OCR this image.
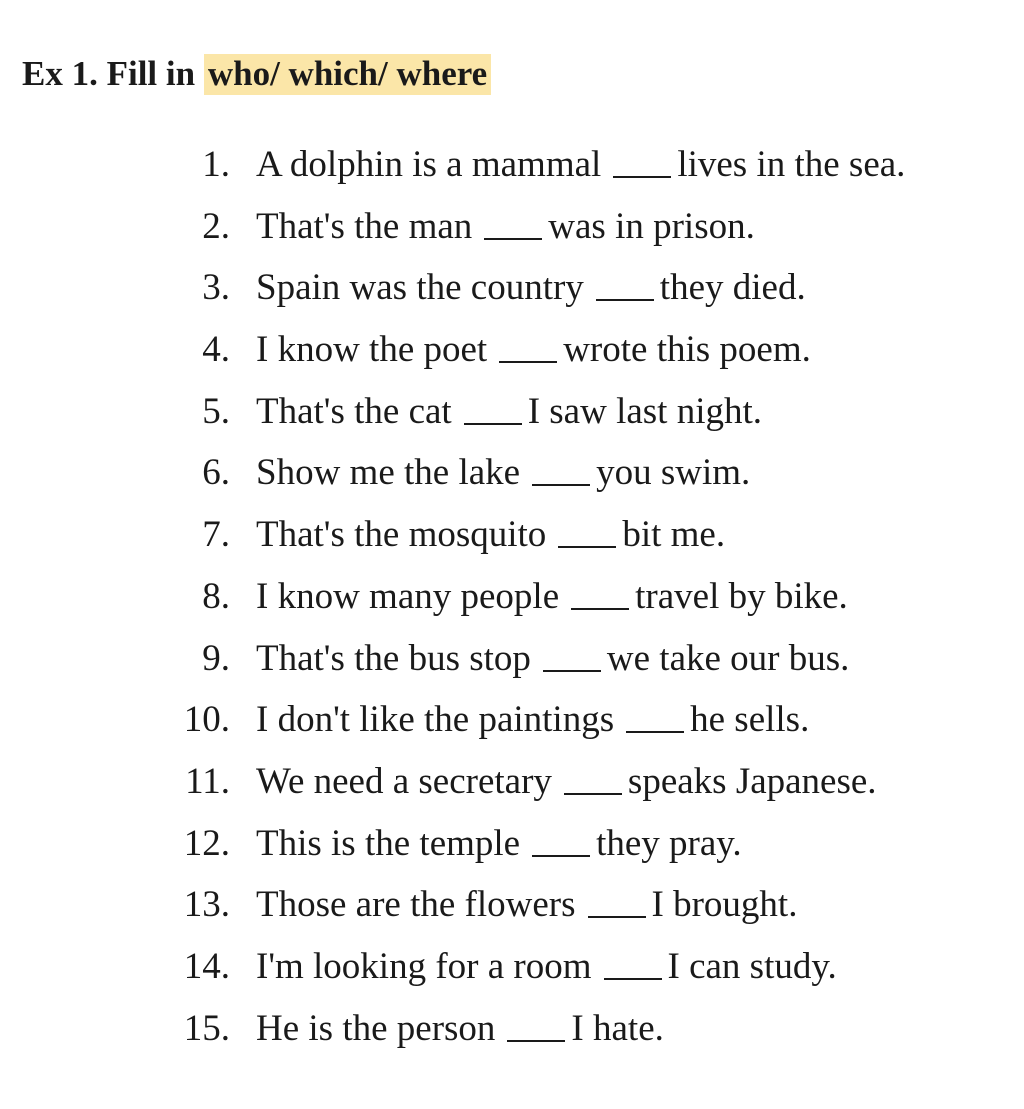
Ex 1. Fill in who/ which/ where
1. A dolphin is a mammal lives in the sea.
2. That's the man was in prison.
3. Spain was the country they died.
4. I know the poet wrote this poem.
5. That's the cat I saw last night.
6. Show me the lake you swim.
7. That's the mosquito bit me.
8. I know many people travel by bike.
9. That's the bus stop we take our bus.
10. I don't like the paintings he sells.
11. We need a secretary speaks Japanese.
12. This is the temple they pray.
13. Those are the flowers I brought.
14. I'm looking for a room I can study.
15. He is the person I hate.
